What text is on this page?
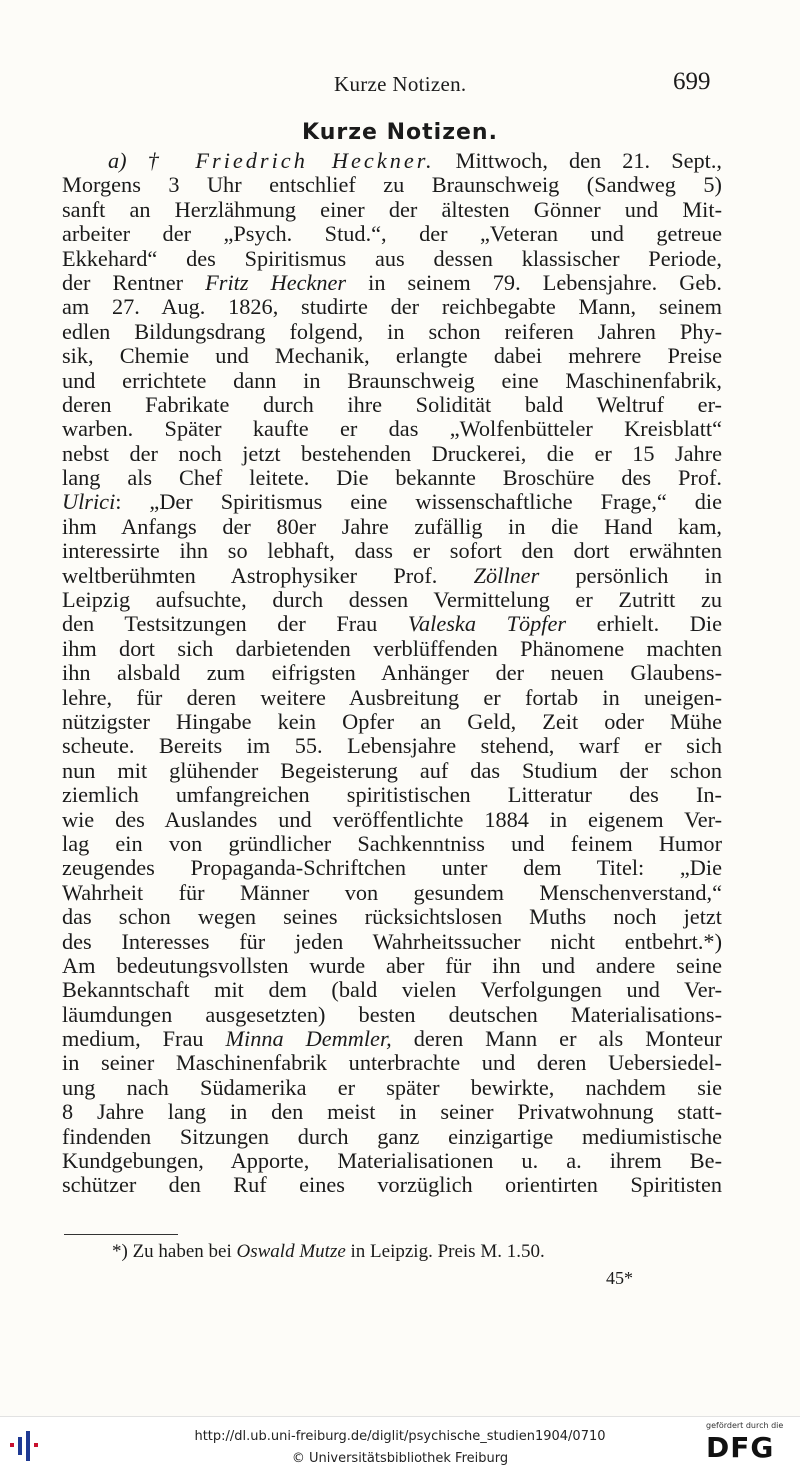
Kurze Notizen.	699
Kurze Notizen.
a) † Friedrich Heckner. Mittwoch, den 21. Sept.,
Morgens 3 Uhr entschlief zu Braunschweig (Sandweg 5)
sanft an Herzlähmung einer der ältesten Gönner und Mit-
arbeiter der „Psych. Stud.“, der „Veteran und getreue
Ekkehard“ des Spiritismus aus dessen klassischer Periode,
der Rentner Fritz Heckner in seinem 79. Lebensjahre. Geb.
am 27. Aug. 1826, studirte der reichbegabte Mann, seinem
edlen Bildungsdrang folgend, in schon reiferen Jahren Phy-
sik, Chemie und Mechanik, erlangte dabei mehrere Preise
und errichtete dann in Braunschweig eine Maschinenfabrik,
deren Fabrikate durch ihre Solidität bald Weltruf er-
warben. Später kaufte er das „Wolfenbütteler Kreisblatt“
nebst der noch jetzt bestehenden Druckerei, die er 15 Jahre
lang als Chef leitete. Die bekannte Broschüre des Prof.
Ulrici: „Der Spiritismus eine wissenschaftliche Frage,“ die
ihm Anfangs der 80er Jahre zufällig in die Hand kam,
interessirte ihn so lebhaft, dass er sofort den dort erwähnten
weltberühmten Astrophysiker Prof. Zöllner persönlich in
Leipzig aufsuchte, durch dessen Vermittelung er Zutritt zu
den Testsitzungen der Frau Valeska Töpfer erhielt. Die
ihm dort sich darbietenden verblüffenden Phänomene machten
ihn alsbald zum eifrigsten Anhänger der neuen Glaubens-
lehre, für deren weitere Ausbreitung er fortab in uneigen-
nützigster Hingabe kein Opfer an Geld, Zeit oder Mühe
scheute. Bereits im 55. Lebensjahre stehend, warf er sich
nun mit glühender Begeisterung auf das Studium der schon
ziemlich umfangreichen spiritistischen Litteratur des In-
wie des Auslandes und veröffentlichte 1884 in eigenem Ver-
lag ein von gründlicher Sachkenntniss und feinem Humor
zeugendes Propaganda-Schriftchen unter dem Titel: „Die
Wahrheit für Männer von gesundem Menschenverstand,“
das schon wegen seines rücksichtslosen Muths noch jetzt
des Interesses für jeden Wahrheitssucher nicht entbehrt.*)
Am bedeutungsvollsten wurde aber für ihn und andere seine
Bekanntschaft mit dem (bald vielen Verfolgungen und Ver-
läumdungen ausgesetzten) besten deutschen Materialisations-
medium, Frau Minna Demmler, deren Mann er als Monteur
in seiner Maschinenfabrik unterbrachte und deren Uebersiedel-
ung nach Südamerika er später bewirkte, nachdem sie
8 Jahre lang in den meist in seiner Privatwohnung statt-
findenden Sitzungen durch ganz einzigartige mediumistische
Kundgebungen, Apporte, Materialisationen u. a. ihrem Be-
schützer den Ruf eines vorzüglich orientirten Spiritisten
*) Zu haben bei Oswald Mutze in Leipzig. Preis M. 1.50.
45*
http://dl.ub.uni-freiburg.de/diglit/psychische_studien1904/0710
© Universitätsbibliothek Freiburg
gefördert durch die
DFG
